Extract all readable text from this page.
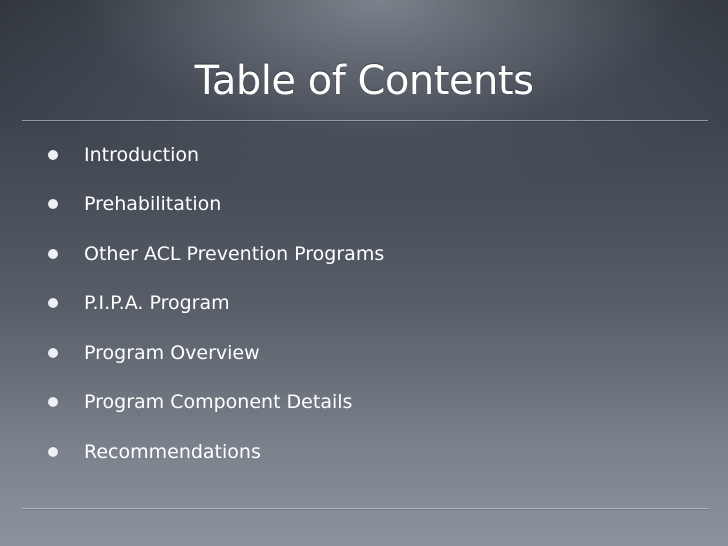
Table of Contents
Introduction
Prehabilitation
Other ACL Prevention Programs
P.I.P.A. Program
Program Overview
Program Component Details
Recommendations
